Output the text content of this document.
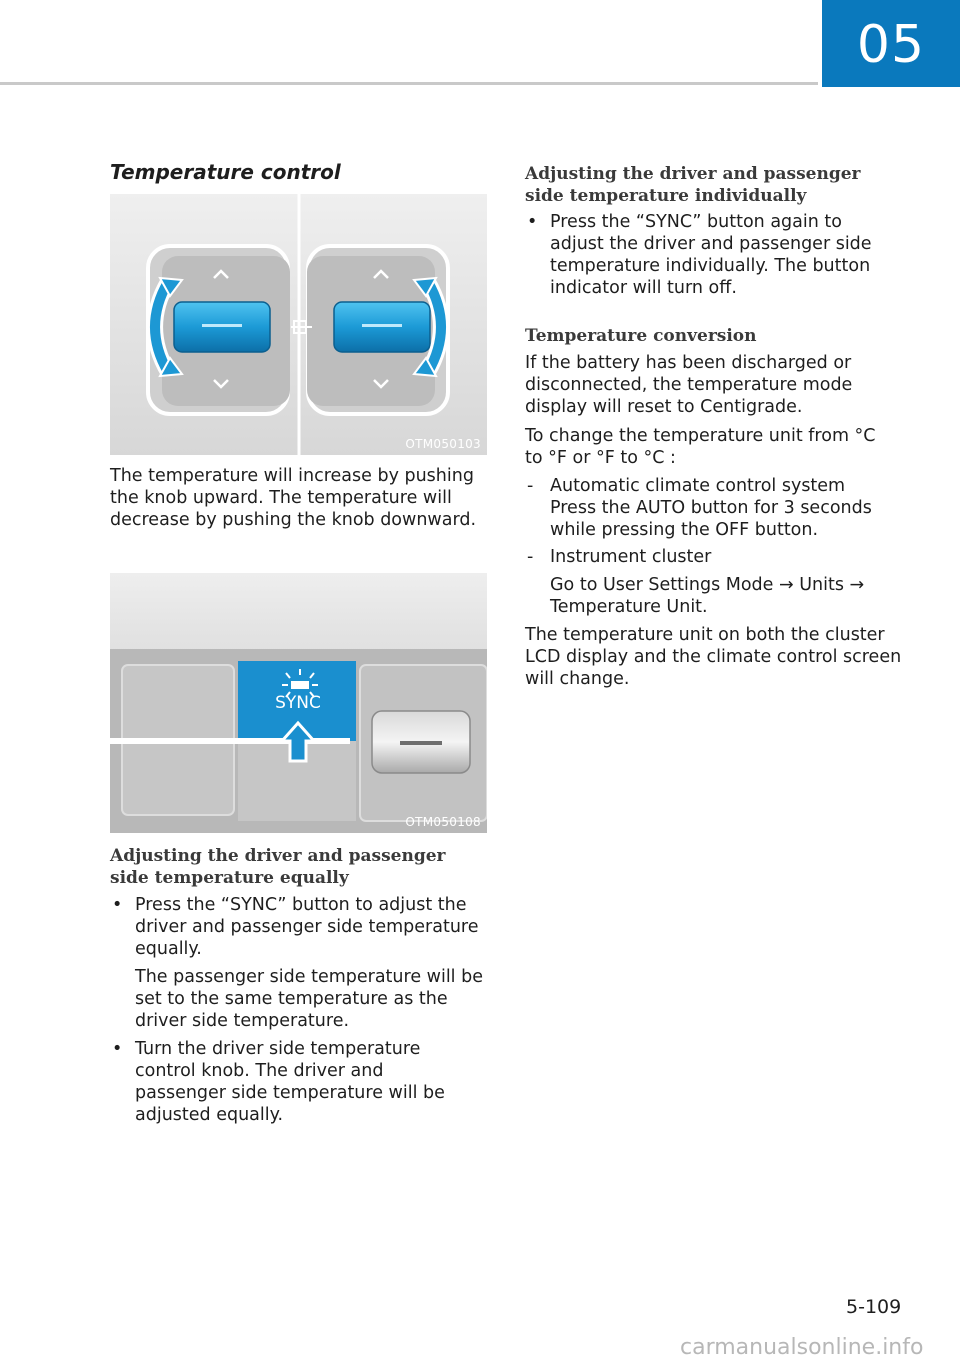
05
Temperature control
OTM050103

The temperature will increase by pushing the knob upward. The temperature will decrease by pushing the knob downward.

SYNC
OTM050108
Adjusting the driver and passenger side temperature equally
• Press the “SYNC” button to adjust the driver and passenger side temperature equally.

The passenger side temperature will be set to the same temperature as the driver side temperature.

• Turn the driver side temperature control knob. The driver and passenger side temperature will be adjusted equally.
Adjusting the driver and passenger side temperature individually
• Press the “SYNC” button again to adjust the driver and passenger side temperature individually. The button indicator will turn off.
Temperature conversion

If the battery has been discharged or disconnected, the temperature mode display will reset to Centigrade.

To change the temperature unit from °C to °F or °F to °C :

- Automatic climate control system Press the AUTO button for 3 seconds while pressing the OFF button.
- Instrument cluster

Go to User Settings Mode → Units → Temperature Unit.

The temperature unit on both the cluster LCD display and the climate control screen will change.

5-109
carmanualsonline.info
